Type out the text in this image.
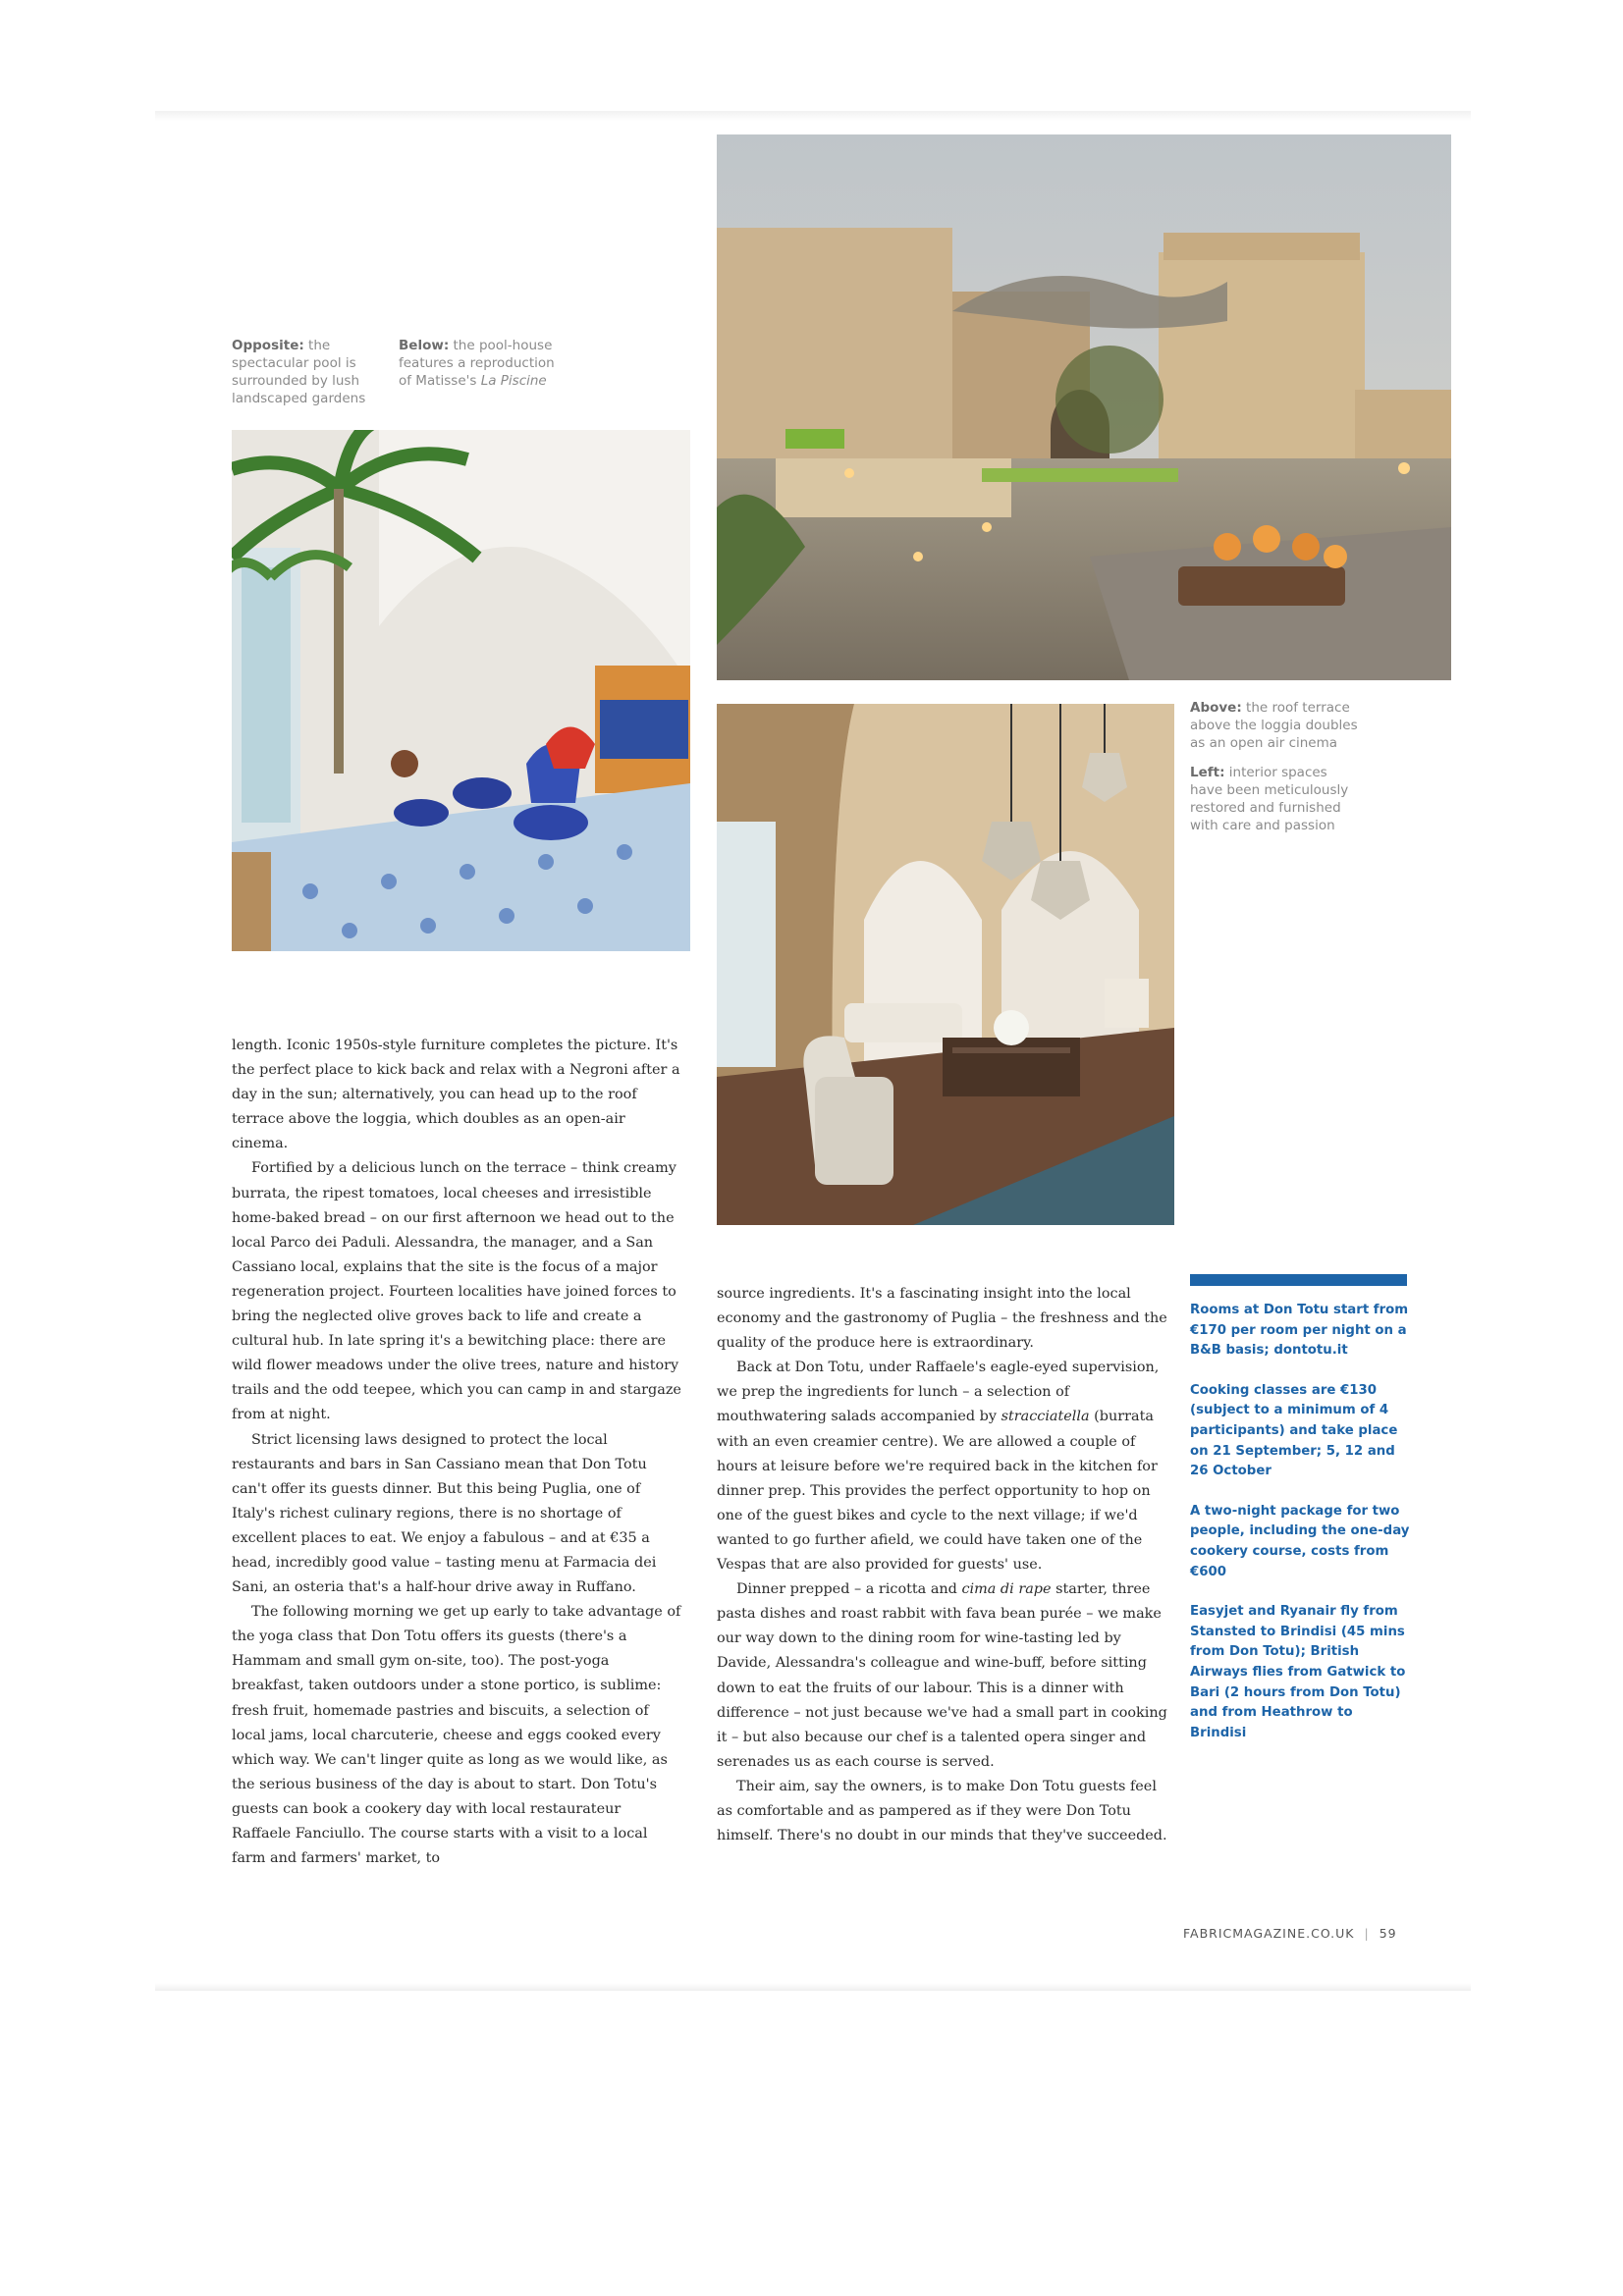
Opposite: the spectacular pool is surrounded by lush landscaped gardens
Below: the pool-house features a reproduction of Matisse's La Piscine

Above: the roof terrace above the loggia doubles as an open air cinema

Left: interior spaces have been meticulously restored and furnished with care and passion

length. Iconic 1950s-style furniture completes the picture. It's the perfect place to kick back and relax with a Negroni after a day in the sun; alternatively, you can head up to the roof terrace above the loggia, which doubles as an open-air cinema.

Fortified by a delicious lunch on the terrace – think creamy burrata, the ripest tomatoes, local cheeses and irresistible home-baked bread – on our first afternoon we head out to the local Parco dei Paduli. Alessandra, the manager, and a San Cassiano local, explains that the site is the focus of a major regeneration project. Fourteen localities have joined forces to bring the neglected olive groves back to life and create a cultural hub. In late spring it's a bewitching place: there are wild flower meadows under the olive trees, nature and history trails and the odd teepee, which you can camp in and stargaze from at night.

Strict licensing laws designed to protect the local restaurants and bars in San Cassiano mean that Don Totu can't offer its guests dinner. But this being Puglia, one of Italy's richest culinary regions, there is no shortage of excellent places to eat. We enjoy a fabulous – and at €35 a head, incredibly good value – tasting menu at Farmacia dei Sani, an osteria that's a half-hour drive away in Ruffano.

The following morning we get up early to take advantage of the yoga class that Don Totu offers its guests (there's a Hammam and small gym on-site, too). The post-yoga breakfast, taken outdoors under a stone portico, is sublime: fresh fruit, homemade pastries and biscuits, a selection of local jams, local charcuterie, cheese and eggs cooked every which way. We can't linger quite as long as we would like, as the serious business of the day is about to start. Don Totu's guests can book a cookery day with local restaurateur Raffaele Fanciullo. The course starts with a visit to a local farm and farmers' market, to

source ingredients. It's a fascinating insight into the local economy and the gastronomy of Puglia – the freshness and the quality of the produce here is extraordinary.

Back at Don Totu, under Raffaele's eagle-eyed supervision, we prep the ingredients for lunch – a selection of mouthwatering salads accompanied by stracciatella (burrata with an even creamier centre). We are allowed a couple of hours at leisure before we're required back in the kitchen for dinner prep. This provides the perfect opportunity to hop on one of the guest bikes and cycle to the next village; if we'd wanted to go further afield, we could have taken one of the Vespas that are also provided for guests' use.

Dinner prepped – a ricotta and cima di rape starter, three pasta dishes and roast rabbit with fava bean purée – we make our way down to the dining room for wine-tasting led by Davide, Alessandra's colleague and wine-buff, before sitting down to eat the fruits of our labour. This is a dinner with difference – not just because we've had a small part in cooking it – but also because our chef is a talented opera singer and serenades us as each course is served.

Their aim, say the owners, is to make Don Totu guests feel as comfortable and as pampered as if they were Don Totu himself. There's no doubt in our minds that they've succeeded.

Rooms at Don Totu start from €170 per room per night on a B&B basis; dontotu.it

Cooking classes are €130 (subject to a minimum of 4 participants) and take place on 21 September; 5, 12 and 26 October

A two-night package for two people, including the one-day cookery course, costs from €600

Easyjet and Ryanair fly from Stansted to Brindisi (45 mins from Don Totu); British Airways flies from Gatwick to Bari (2 hours from Don Totu) and from Heathrow to Brindisi

FABRICMAGAZINE.CO.UK | 59
